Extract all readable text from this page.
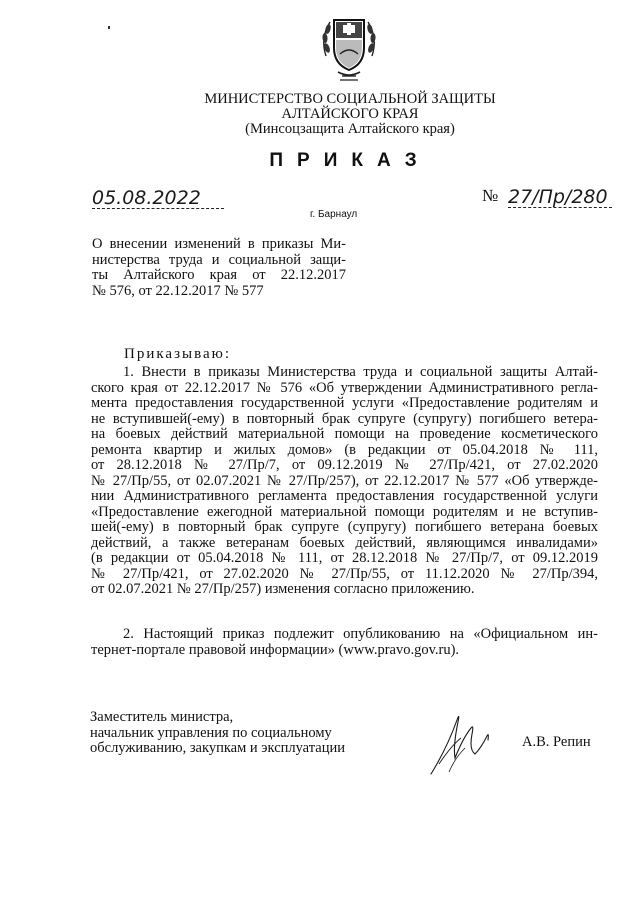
МИНИСТЕРСТВО СОЦИАЛЬНОЙ ЗАЩИТЫ
АЛТАЙСКОГО КРАЯ
(Минсоцзащита Алтайского края)
ПРИКАЗ
05.08.2022	№ 27/Пр/280
г. Барнаул
О внесении изменений в приказы Ми-
нистерства труда и социальной защи-
ты Алтайского края от 22.12.2017
№ 576, от 22.12.2017 № 577
Приказываю:
1. Внести в приказы Министерства труда и социальной защиты Алтай-
ского края от 22.12.2017 № 576 «Об утверждении Административного регла-
мента предоставления государственной услуги «Предоставление родителям и
не вступившей(-ему) в повторный брак супруге (супругу) погибшего ветера-
на боевых действий материальной помощи на проведение косметического
ремонта квартир и жилых домов» (в редакции от 05.04.2018 № 111,
от 28.12.2018 № 27/Пр/7, от 09.12.2019 № 27/Пр/421, от 27.02.2020
№ 27/Пр/55, от 02.07.2021 № 27/Пр/257), от 22.12.2017 № 577 «Об утвержде-
нии Административного регламента предоставления государственной услуги
«Предоставление ежегодной материальной помощи родителям и не вступив-
шей(-ему) в повторный брак супруге (супругу) погибшего ветерана боевых
действий, а также ветеранам боевых действий, являющимся инвалидами»
(в редакции от 05.04.2018 № 111, от 28.12.2018 № 27/Пр/7, от 09.12.2019
№ 27/Пр/421, от 27.02.2020 № 27/Пр/55, от 11.12.2020 № 27/Пр/394,
от 02.07.2021 № 27/Пр/257) изменения согласно приложению.
2. Настоящий приказ подлежит опубликованию на «Официальном ин-
тернет-портале правовой информации» (www.pravo.gov.ru).
Заместитель министра,
начальник управления по социальному
обслуживанию, закупкам и эксплуатации	А.В. Репин
